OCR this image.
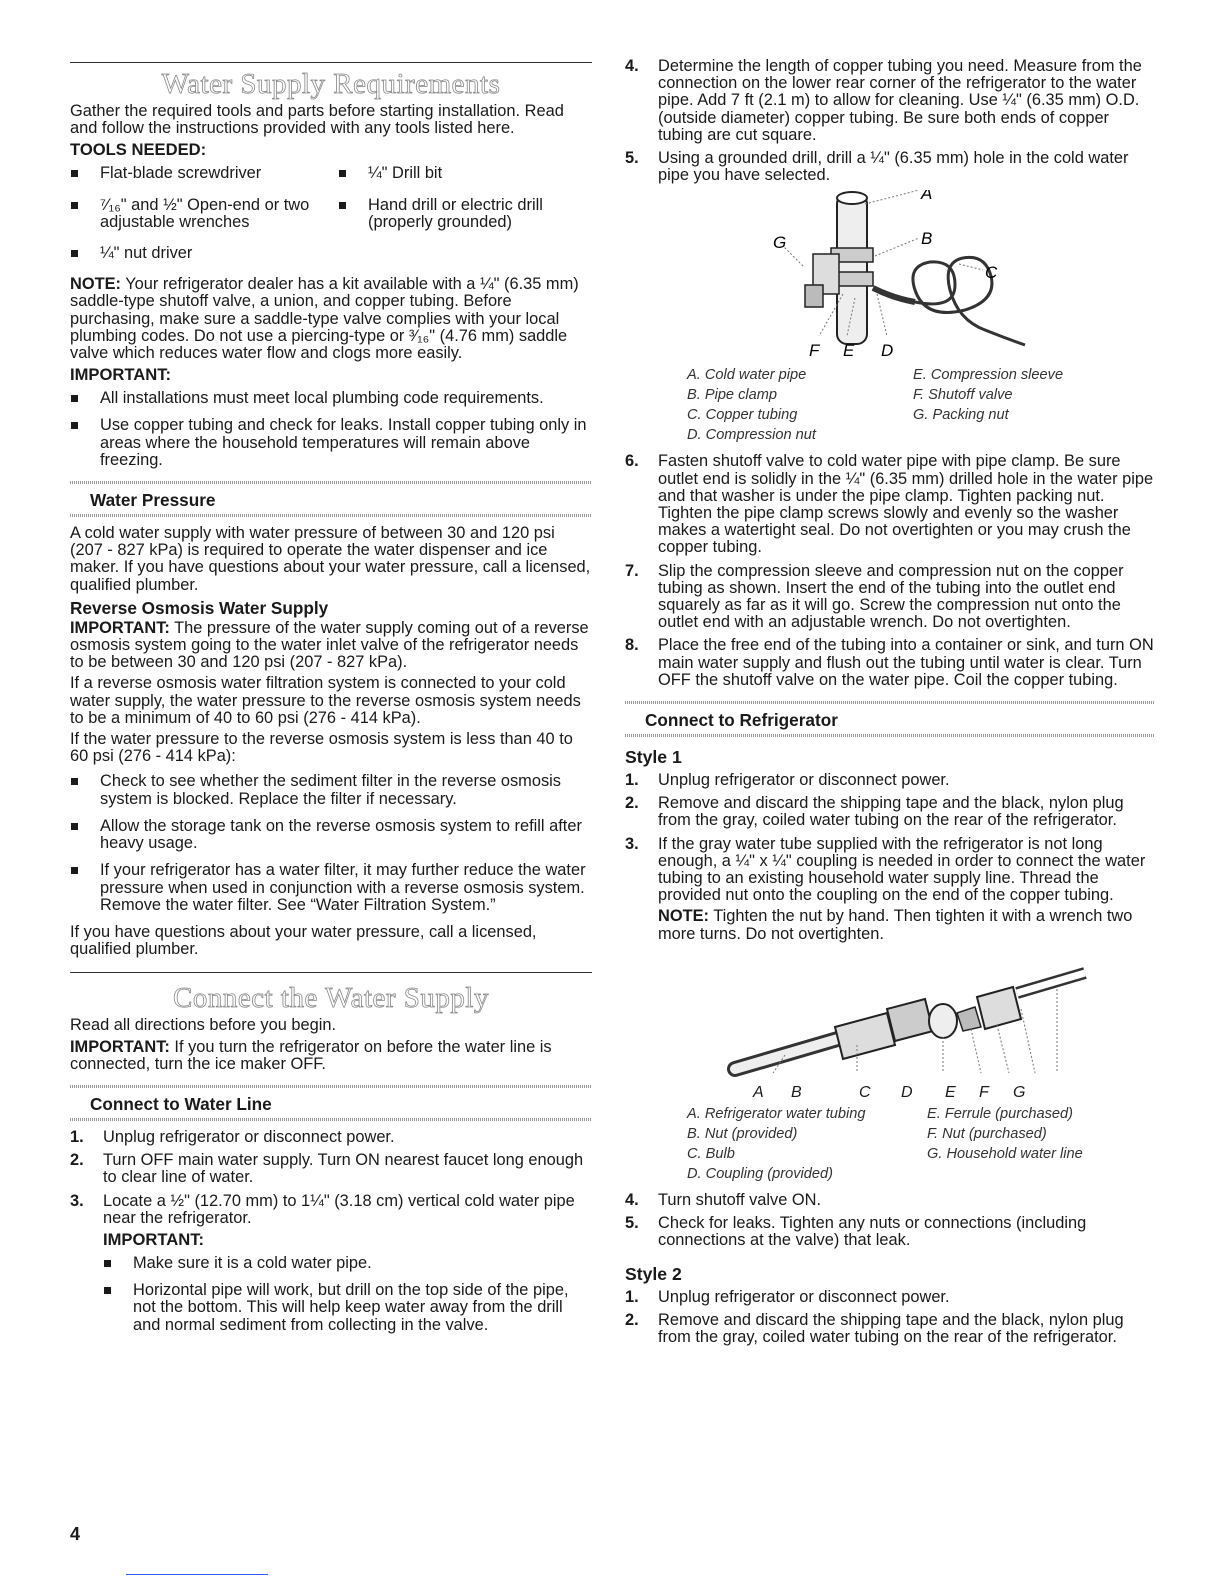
Water Supply Requirements

Gather the required tools and parts before starting installation. Read and follow the instructions provided with any tools listed here.

TOOLS NEEDED:
Flat-blade screwdriver	¼" Drill bit
⁷⁄₁₆" and ½" Open-end or two adjustable wrenches
Hand drill or electric drill (properly grounded)
¼" nut driver

NOTE: Your refrigerator dealer has a kit available with a ¼" (6.35 mm) saddle-type shutoff valve, a union, and copper tubing. Before purchasing, make sure a saddle-type valve complies with your local plumbing codes. Do not use a piercing-type or ³⁄₁₆" (4.76 mm) saddle valve which reduces water flow and clogs more easily.

IMPORTANT:
All installations must meet local plumbing code requirements.
Use copper tubing and check for leaks. Install copper tubing only in areas where the household temperatures will remain above freezing.
Water Pressure

A cold water supply with water pressure of between 30 and 120 psi (207 - 827 kPa) is required to operate the water dispenser and ice maker. If you have questions about your water pressure, call a licensed, qualified plumber.

Reverse Osmosis Water Supply

IMPORTANT: The pressure of the water supply coming out of a reverse osmosis system going to the water inlet valve of the refrigerator needs to be between 30 and 120 psi (207 - 827 kPa).

If a reverse osmosis water filtration system is connected to your cold water supply, the water pressure to the reverse osmosis system needs to be a minimum of 40 to 60 psi (276 - 414 kPa).

If the water pressure to the reverse osmosis system is less than 40 to 60 psi (276 - 414 kPa):

Check to see whether the sediment filter in the reverse osmosis system is blocked. Replace the filter if necessary.
Allow the storage tank on the reverse osmosis system to refill after heavy usage.
If your refrigerator has a water filter, it may further reduce the water pressure when used in conjunction with a reverse osmosis system. Remove the water filter. See “Water Filtration System.”

If you have questions about your water pressure, call a licensed, qualified plumber.

Connect the Water Supply

Read all directions before you begin.

IMPORTANT: If you turn the refrigerator on before the water line is connected, turn the ice maker OFF.

Connect to Water Line
1. Unplug refrigerator or disconnect power.
2. Turn OFF main water supply. Turn ON nearest faucet long enough to clear line of water.
3. Locate a ½" (12.70 mm) to 1¼" (3.18 cm) vertical cold water pipe near the refrigerator.
IMPORTANT:
Make sure it is a cold water pipe.
Horizontal pipe will work, but drill on the top side of the pipe, not the bottom. This will help keep water away from the drill and normal sediment from collecting in the valve.
4. Determine the length of copper tubing you need. Measure from the connection on the lower rear corner of the refrigerator to the water pipe. Add 7 ft (2.1 m) to allow for cleaning. Use ¼" (6.35 mm) O.D. (outside diameter) copper tubing. Be sure both ends of copper tubing are cut square.
5. Using a grounded drill, drill a ¼" (6.35 mm) hole in the cold water pipe you have selected.
A
B
C
D
E
F
G
A. Cold water pipe
B. Pipe clamp
C. Copper tubing
D. Compression nut
E. Compression sleeve
F. Shutoff valve
G. Packing nut
6. Fasten shutoff valve to cold water pipe with pipe clamp. Be sure outlet end is solidly in the ¼" (6.35 mm) drilled hole in the water pipe and that washer is under the pipe clamp. Tighten packing nut. Tighten the pipe clamp screws slowly and evenly so the washer makes a watertight seal. Do not overtighten or you may crush the copper tubing.
7. Slip the compression sleeve and compression nut on the copper tubing as shown. Insert the end of the tubing into the outlet end squarely as far as it will go. Screw the compression nut onto the outlet end with an adjustable wrench. Do not overtighten.
8. Place the free end of the tubing into a container or sink, and turn ON main water supply and flush out the tubing until water is clear. Turn OFF the shutoff valve on the water pipe. Coil the copper tubing.
Connect to Refrigerator
Style 1
1. Unplug refrigerator or disconnect power.
2. Remove and discard the shipping tape and the black, nylon plug from the gray, coiled water tubing on the rear of the refrigerator.
3. If the gray water tube supplied with the refrigerator is not long enough, a ¼" x ¼" coupling is needed in order to connect the water tubing to an existing household water supply line. Thread the provided nut onto the coupling on the end of the copper tubing.

NOTE: Tighten the nut by hand. Then tighten it with a wrench two more turns. Do not overtighten.

A B	C D E F G
A. Refrigerator water tubing
B. Nut (provided)
C. Bulb
D. Coupling (provided)
E. Ferrule (purchased)
F. Nut (purchased)
G. Household water line
4. Turn shutoff valve ON.
5. Check for leaks. Tighten any nuts or connections (including connections at the valve) that leak.
Style 2
1. Unplug refrigerator or disconnect power.
2. Remove and discard the shipping tape and the black, nylon plug from the gray, coiled water tubing on the rear of the refrigerator.
4
